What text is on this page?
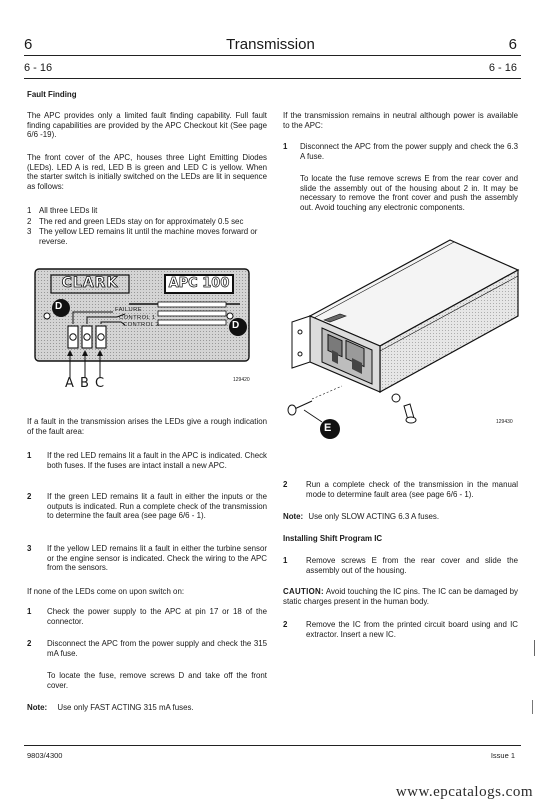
6	Transmission	6
6 - 16	6 - 16
Fault Finding
The APC provides only a limited fault finding capability. Full fault finding capabilities are provided by the APC Checkout kit (See page 6/6 -19).
The front cover of the APC, houses three Light Emitting Diodes (LEDs). LED A is red, LED B is green and LED C is yellow. When the starter switch is initially switched on the LEDs are lit in sequence as follows:
1 All three LEDs lit
2 The red and green LEDs stay on for approximately 0.5 sec
3 The yellow LED remains lit until the machine moves forward or reverse.
CLARK	APC 100
FAILURE
CONTROL 1
CONTROL 2
D
D
A B C	129420
If a fault in the transmission arises the LEDs give a rough indication of the fault area:
1 If the red LED remains lit a fault in the APC is indicated. Check both fuses. If the fuses are intact install a new APC.
2 If the green LED remains lit a fault in either the inputs or the outputs is indicated. Run a complete check of the transmission to determine the fault area (see page 6/6 - 1).
3 If the yellow LED remains lit a fault in either the turbine sensor or the engine sensor is indicated. Check the wiring to the APC from the sensors.
If none of the LEDs come on upon switch on:
1 Check the power supply to the APC at pin 17 or 18 of the connector.
2 Disconnect the APC from the power supply and check the 315 mA fuse.
To locate the fuse, remove screws D and take off the front cover.
Note: Use only FAST ACTING 315 mA fuses.
If the transmission remains in neutral although power is available to the APC:
1 Disconnect the APC from the power supply and check the 6.3 A fuse.
To locate the fuse remove screws E from the rear cover and slide the assembly out of the housing about 2 in. It may be necessary to remove the front cover and push the assembly out. Avoid touching any electronic components.
E	129430
2 Run a complete check of the transmission in the manual mode to determine fault area (see page 6/6 - 1).
Note: Use only SLOW ACTING 6.3 A fuses.
Installing Shift Program IC
1 Remove screws E from the rear cover and slide the assembly out of the housing.
CAUTION: Avoid touching the IC pins. The IC can be damaged by static charges present in the human body.
2 Remove the IC from the printed circuit board using and IC extractor. Insert a new IC.
9803/4300	Issue 1
www.epcatalogs.com
